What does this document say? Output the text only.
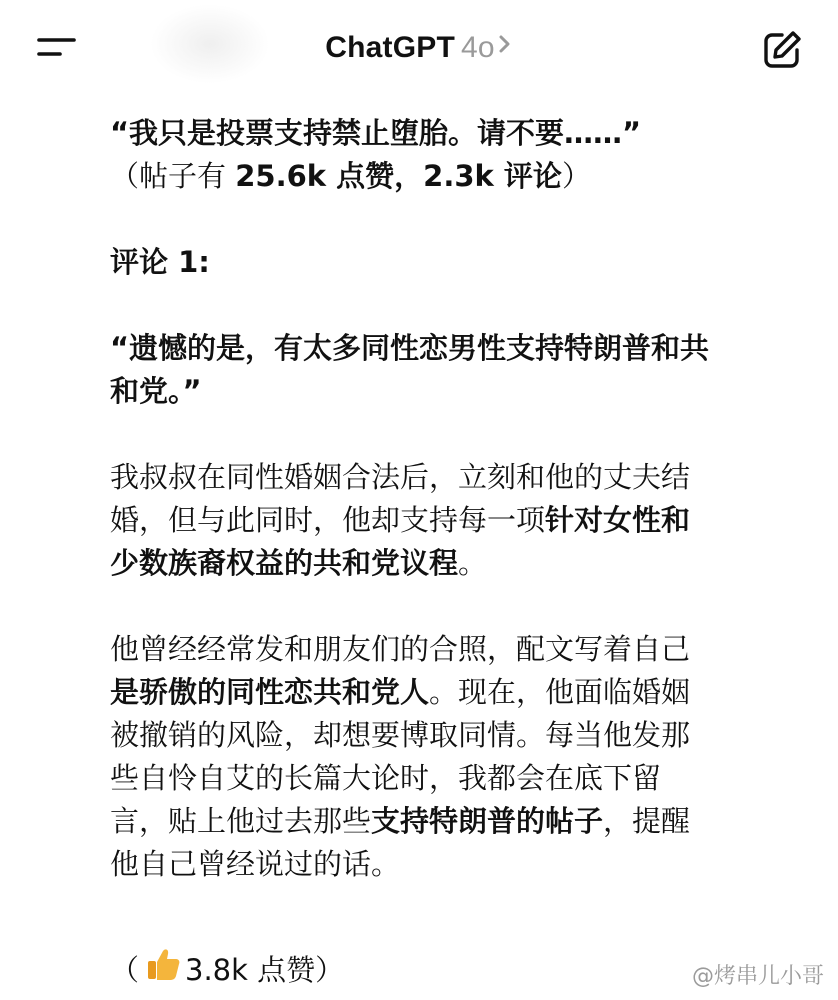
ChatGPT 4o

“我只是投票支持禁止堕胎。请不要……”

（帖子有 25.6k 点赞，2.3k 评论）

评论 1:

“遗憾的是，有太多同性恋男性支持特朗普和共

和党。”

我叔叔在同性婚姻合法后，立刻和他的丈夫结

婚，但与此同时，他却支持每一项针对女性和

少数族裔权益的共和党议程。

他曾经经常发和朋友们的合照，配文写着自己

是骄傲的同性恋共和党人。现在，他面临婚姻

被撤销的风险，却想要博取同情。每当他发那

些自怜自艾的长篇大论时，我都会在底下留

言，贴上他过去那些支持特朗普的帖子，提醒

他自己曾经说过的话。

（ 3.8k 点赞）	@烤串儿小哥
